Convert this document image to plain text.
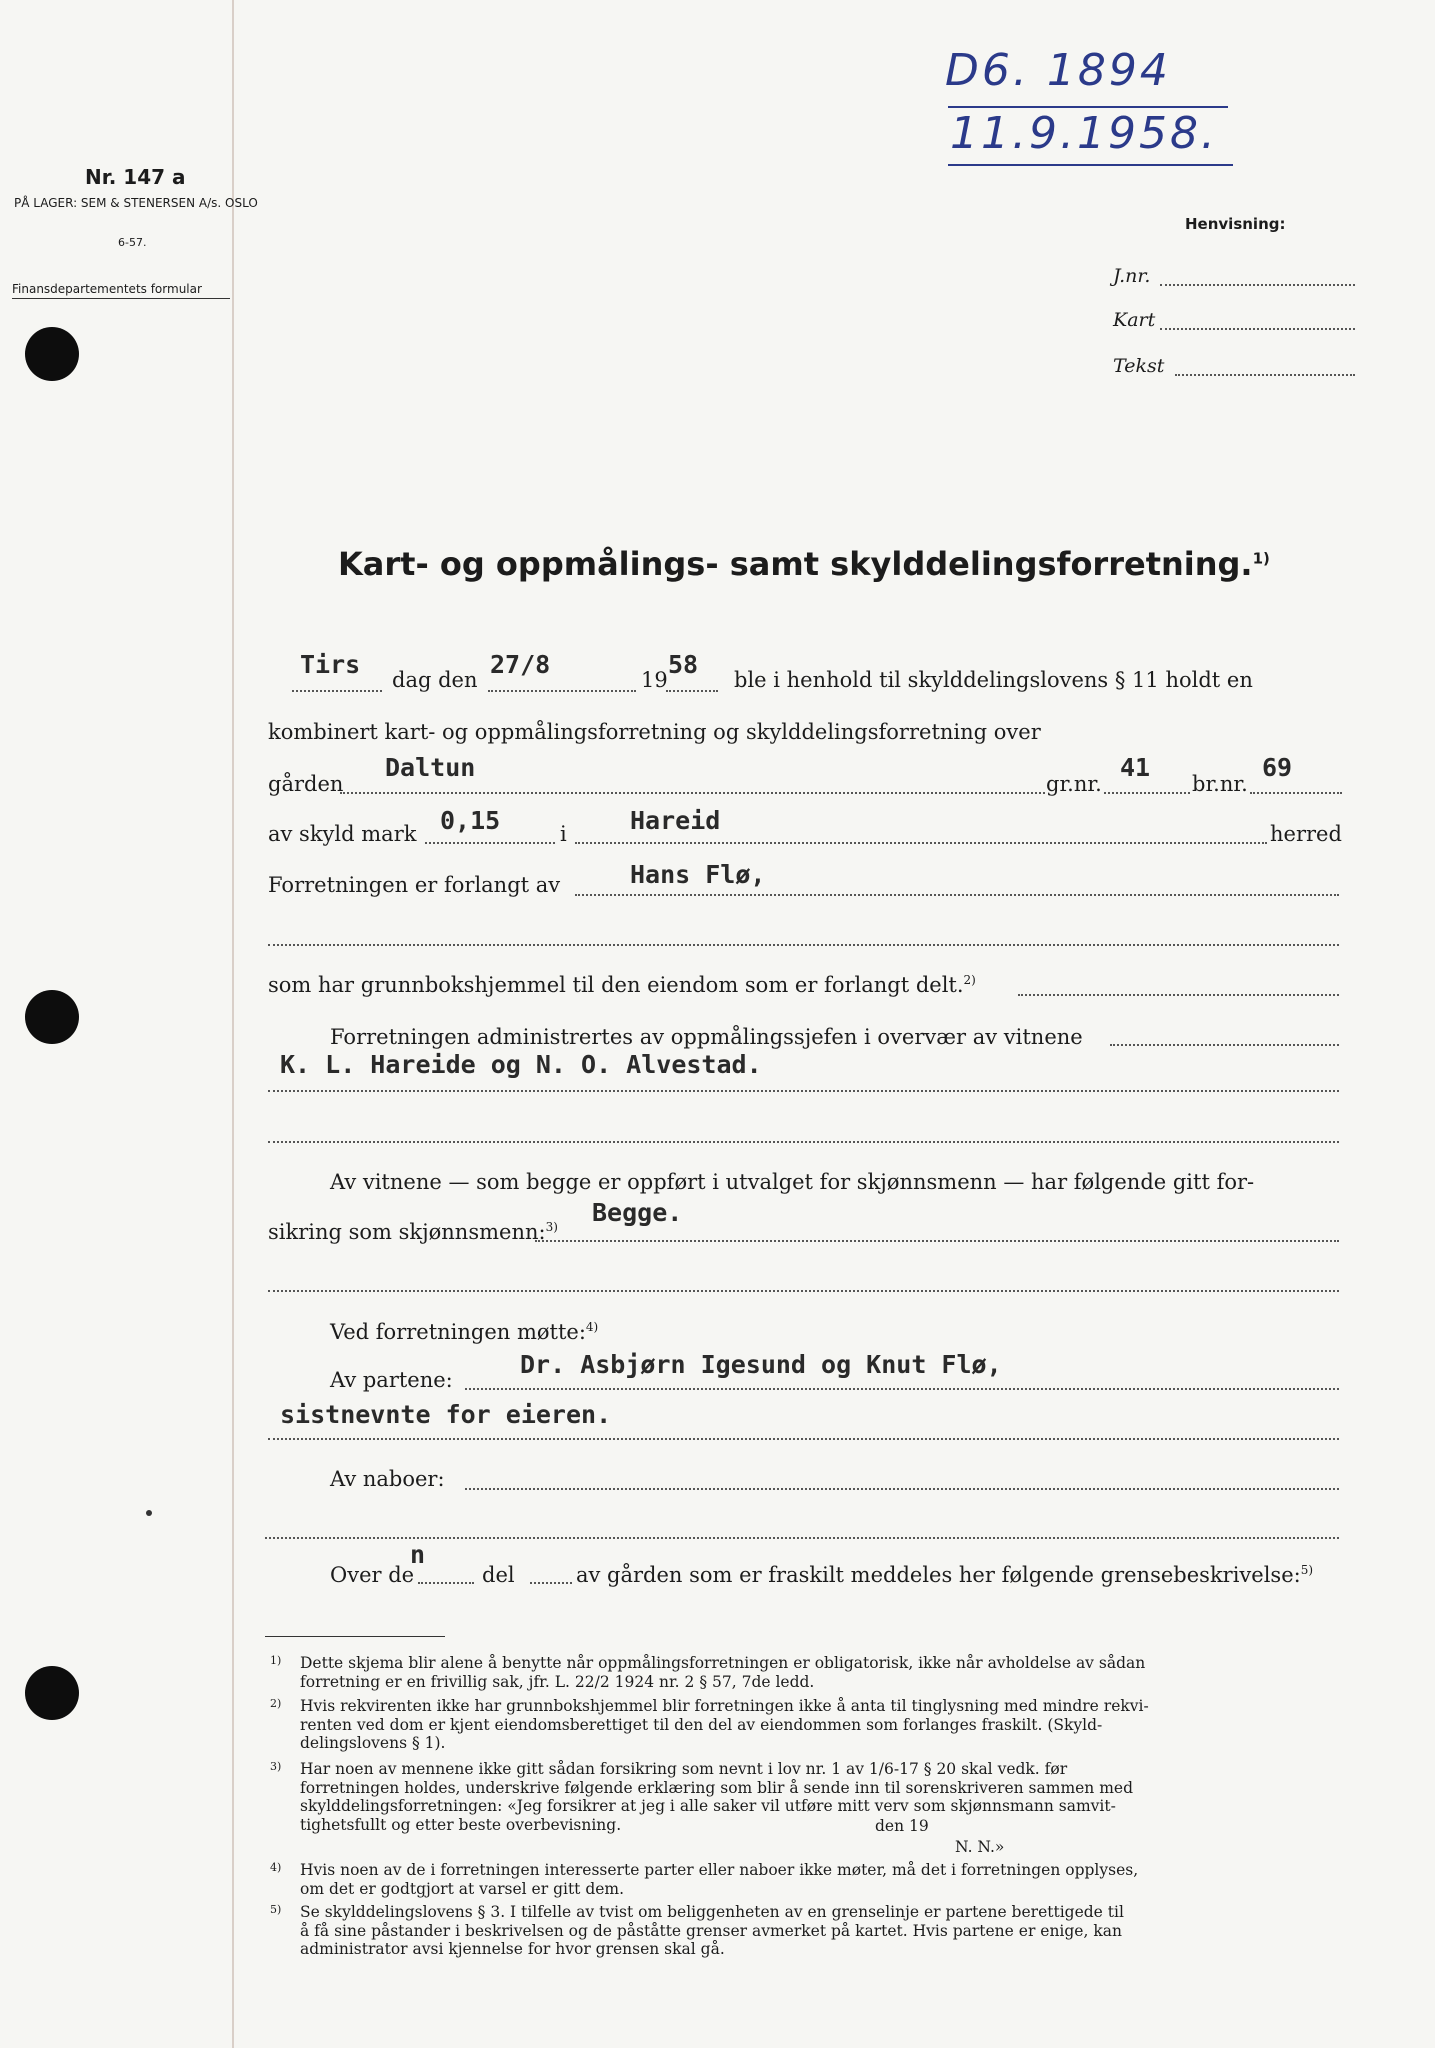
Nr. 147 a
PÅ LAGER: SEM & STENERSEN A/s. OSLO
6-57.
Finansdepartementets formular
D6. 1894
11.9.1958.
Henvisning:
J.nr.
Kart
Tekst
Kart- og oppmålings- samt skylddelingsforretning.$^{1)}$
Tirs
dag den
27/8
19
58
ble i henhold til skylddelingslovens § 11 holdt en
kombinert kart- og oppmålingsforretning og skylddelingsforretning over
gården
Daltun
gr.nr.
41
br.nr.
69
av skyld mark 0,15	i	Hareid	herred
Forretningen er forlangt av	Hans Flø,
som har grunnbokshjemmel til den eiendom som er forlangt delt.$^{2)}$
Forretningen administrertes av oppmålingssjefen i overvær av vitnene
K. L. Hareide og N. O. Alvestad.
Av vitnene — som begge er oppført i utvalget for skjønnsmenn — har følgende gitt for-
sikring som skjønnsmenn:$^{3)}$ Begge.
Ved forretningen møtte:$^{4)}$
Av partene:
Dr. Asbjørn Igesund og Knut Flø,
sistnevnte for eieren.
Av naboer:
Over de
n
del	av gården som er fraskilt meddeles her følgende grensebeskrivelse:$^{5)}$
1) Dette skjema blir alene å benytte når oppmålingsforretningen er obligatorisk, ikke når avholdelse av sådan
forretning er en frivillig sak, jfr. L. 22/2 1924 nr. 2 § 57, 7de ledd.
2) Hvis rekvirenten ikke har grunnbokshjemmel blir forretningen ikke å anta til tinglysning med mindre rekvi-
renten ved dom er kjent eiendomsberettiget til den del av eiendommen som forlanges fraskilt. (Skyld-
delingslovens § 1).
3) Har noen av mennene ikke gitt sådan forsikring som nevnt i lov nr. 1 av 1/6-17 § 20 skal vedk. før
forretningen holdes, underskrive følgende erklæring som blir å sende inn til sorenskriveren sammen med
skylddelingsforretningen: «Jeg forsikrer at jeg i alle saker vil utføre mitt verv som skjønnsmann samvit-
tighetsfullt og etter beste overbevisning.	den 19
N. N.»
4) Hvis noen av de i forretningen interesserte parter eller naboer ikke møter, må det i forretningen opplyses,
om det er godtgjort at varsel er gitt dem.
5) Se skylddelingslovens § 3. I tilfelle av tvist om beliggenheten av en grenselinje er partene berettigede til
å få sine påstander i beskrivelsen og de påståtte grenser avmerket på kartet. Hvis partene er enige, kan
administrator avsi kjennelse for hvor grensen skal gå.
